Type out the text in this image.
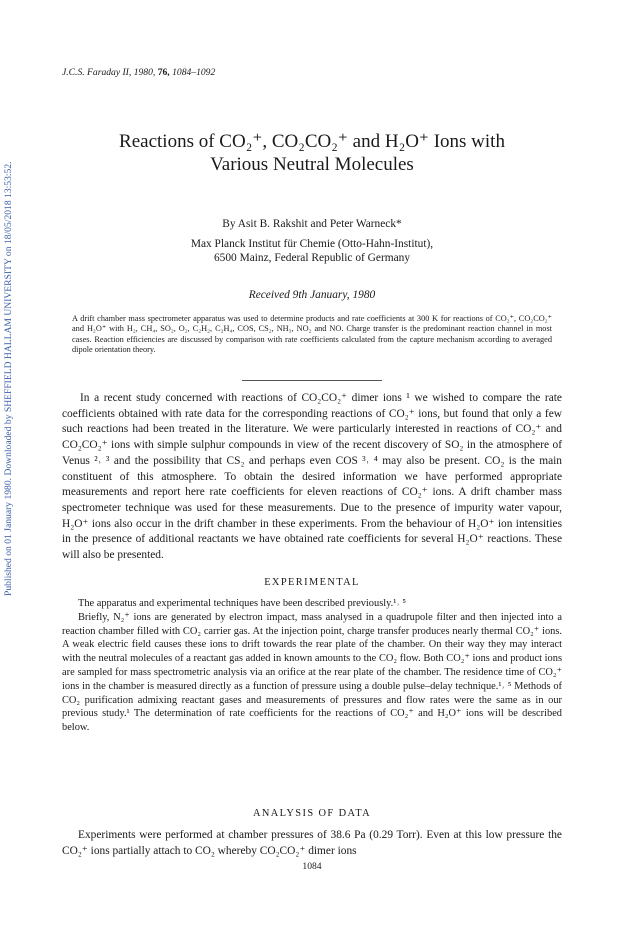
Published on 01 January 1980. Downloaded by SHEFFIELD HALLAM UNIVERSITY on 18/05/2018 13:53:52.
J.C.S. Faraday II, 1980, 76, 1084–1092
Reactions of CO₂⁺, CO₂CO₂⁺ and H₂O⁺ Ions with
Various Neutral Molecules
By Asit B. Rakshit and Peter Warneck*
Max Planck Institut für Chemie (Otto-Hahn-Institut),
6500 Mainz, Federal Republic of Germany
Received 9th January, 1980

A drift chamber mass spectrometer apparatus was used to determine products and rate coefficients at 300 K for reactions of CO₂⁺, CO₂CO₂⁺ and H₂O⁺ with H₂, CH₄, SO₂, O₂, C₂H₂, C₂H₄, COS, CS₂, NH₃, NO₂ and NO. Charge transfer is the predominant reaction channel in most cases. Reaction efficiencies are discussed by comparison with rate coefficients calculated from the capture mechanism according to averaged dipole orientation theory.

In a recent study concerned with reactions of CO₂CO₂⁺ dimer ions ¹ we wished to compare the rate coefficients obtained with rate data for the corresponding reactions of CO₂⁺ ions, but found that only a few such reactions had been treated in the literature. We were particularly interested in reactions of CO₂⁺ and CO₂CO₂⁺ ions with simple sulphur compounds in view of the recent discovery of SO₂ in the atmosphere of Venus ²˒ ³ and the possibility that CS₂ and perhaps even COS ³˒ ⁴ may also be present. CO₂ is the main constituent of this atmosphere. To obtain the desired information we have performed appropriate measurements and report here rate coefficients for eleven reactions of CO₂⁺ ions. A drift chamber mass spectrometer technique was used for these measurements. Due to the presence of impurity water vapour, H₂O⁺ ions also occur in the drift chamber in these experiments. From the behaviour of H₂O⁺ ion intensities in the presence of additional reactants we have obtained rate coefficients for several H₂O⁺ reactions. These will also be presented.

EXPERIMENTAL

The apparatus and experimental techniques have been described previously.¹˒ ⁵

Briefly, N₂⁺ ions are generated by electron impact, mass analysed in a quadrupole filter and then injected into a reaction chamber filled with CO₂ carrier gas. At the injection point, charge transfer produces nearly thermal CO₂⁺ ions. A weak electric field causes these ions to drift towards the rear plate of the chamber. On their way they may interact with the neutral molecules of a reactant gas added in known amounts to the CO₂ flow. Both CO₂⁺ ions and product ions are sampled for mass spectrometric analysis via an orifice at the rear plate of the chamber. The residence time of CO₂⁺ ions in the chamber is measured directly as a function of pressure using a double pulse–delay technique.¹˒ ⁵ Methods of CO₂ purification admixing reactant gases and measurements of pressures and flow rates were the same as in our previous study.¹ The determination of rate coefficients for the reactions of CO₂⁺ and H₂O⁺ ions will be described below.

ANALYSIS OF DATA

Experiments were performed at chamber pressures of 38.6 Pa (0.29 Torr). Even at this low pressure the CO₂⁺ ions partially attach to CO₂ whereby CO₂CO₂⁺ dimer ions

1084
